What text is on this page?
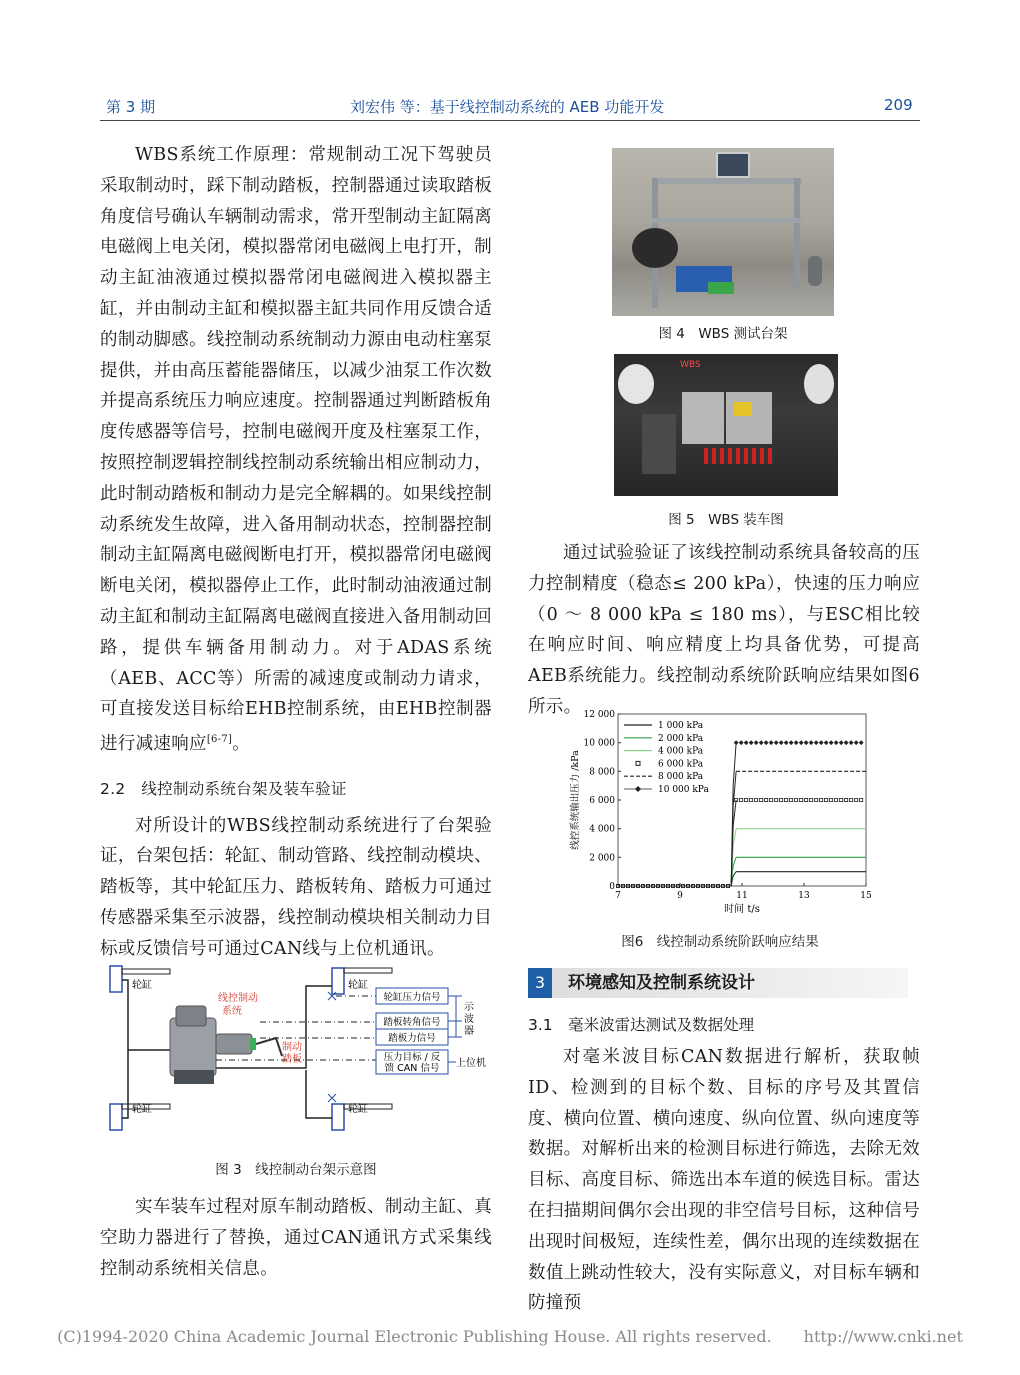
第 3 期	刘宏伟 等：基于线控制动系统的 AEB 功能开发	209

WBS系统工作原理：常规制动工况下驾驶员采取制动时，踩下制动踏板，控制器通过读取踏板角度信号确认车辆制动需求，常开型制动主缸隔离电磁阀上电关闭，模拟器常闭电磁阀上电打开，制动主缸油液通过模拟器常闭电磁阀进入模拟器主缸，并由制动主缸和模拟器主缸共同作用反馈合适的制动脚感。线控制动系统制动力源由电动柱塞泵提供，并由高压蓄能器储压，以减少油泵工作次数并提高系统压力响应速度。控制器通过判断踏板角度传感器等信号，控制电磁阀开度及柱塞泵工作，按照控制逻辑控制线控制动系统输出相应制动力，此时制动踏板和制动力是完全解耦的。如果线控制动系统发生故障，进入备用制动状态，控制器控制制动主缸隔离电磁阀断电打开，模拟器常闭电磁阀断电关闭，模拟器停止工作，此时制动油液通过制动主缸和制动主缸隔离电磁阀直接进入备用制动回路，提供车辆备用制动力。对于ADAS系统（AEB、ACC等）所需的减速度或制动力请求，可直接发送目标给EHB控制系统，由EHB控制器进行减速响应[6-7]。

2.2　线控制动系统台架及装车验证

对所设计的WBS线控制动系统进行了台架验证，台架包括：轮缸、制动管路、线控制动模块、踏板等，其中轮缸压力、踏板转角、踏板力可通过传感器采集至示波器，线控制动模块相关制动力目标或反馈信号可通过CAN线与上位机通讯。

轮缸
轮缸
轮缸
轮缸
线控制动
系统
制动
踏板
轮缸压力信号
踏板转角信号
踏板力信号
压力目标 / 反
馈 CAN 信号
示
波
器
上位机
图 3　线控制动台架示意图

实车装车过程对原车制动踏板、制动主缸、真空助力器进行了替换，通过CAN通讯方式采集线控制动系统相关信息。

图 4　WBS 测试台架
WBS
图 5　WBS 装车图

通过试验验证了该线控制动系统具备较高的压力控制精度（稳态≤ 200 kPa），快速的压力响应（0 ～ 8 000 kPa ≤ 180 ms），与ESC相比较在响应时间、响应精度上均具备优势，可提高AEB系统能力。线控制动系统阶跃响应结果如图6所示。

0
2 000
4 000
6 000
8 000
10 000
12 000
7	9	11	13	15
1 000 kPa
2 000 kPa
4 000 kPa
6 000 kPa
8 000 kPa
10 000 kPa
时间 t/s
线控系统输出压力 /kPa
图6　线控制动系统阶跃响应结果
3	环境感知及控制系统设计
3.1　毫米波雷达测试及数据处理

对毫米波目标CAN数据进行解析，获取帧ID、检测到的目标个数、目标的序号及其置信度、横向位置、横向速度、纵向位置、纵向速度等数据。对解析出来的检测目标进行筛选，去除无效目标、高度目标、筛选出本车道的候选目标。雷达在扫描期间偶尔会出现的非空信号目标，这种信号出现时间极短，连续性差，偶尔出现的连续数据在数值上跳动性较大，没有实际意义，对目标车辆和防撞预

(C)1994-2020 China Academic Journal Electronic Publishing House. All rights reserved.　　http://www.cnki.net
